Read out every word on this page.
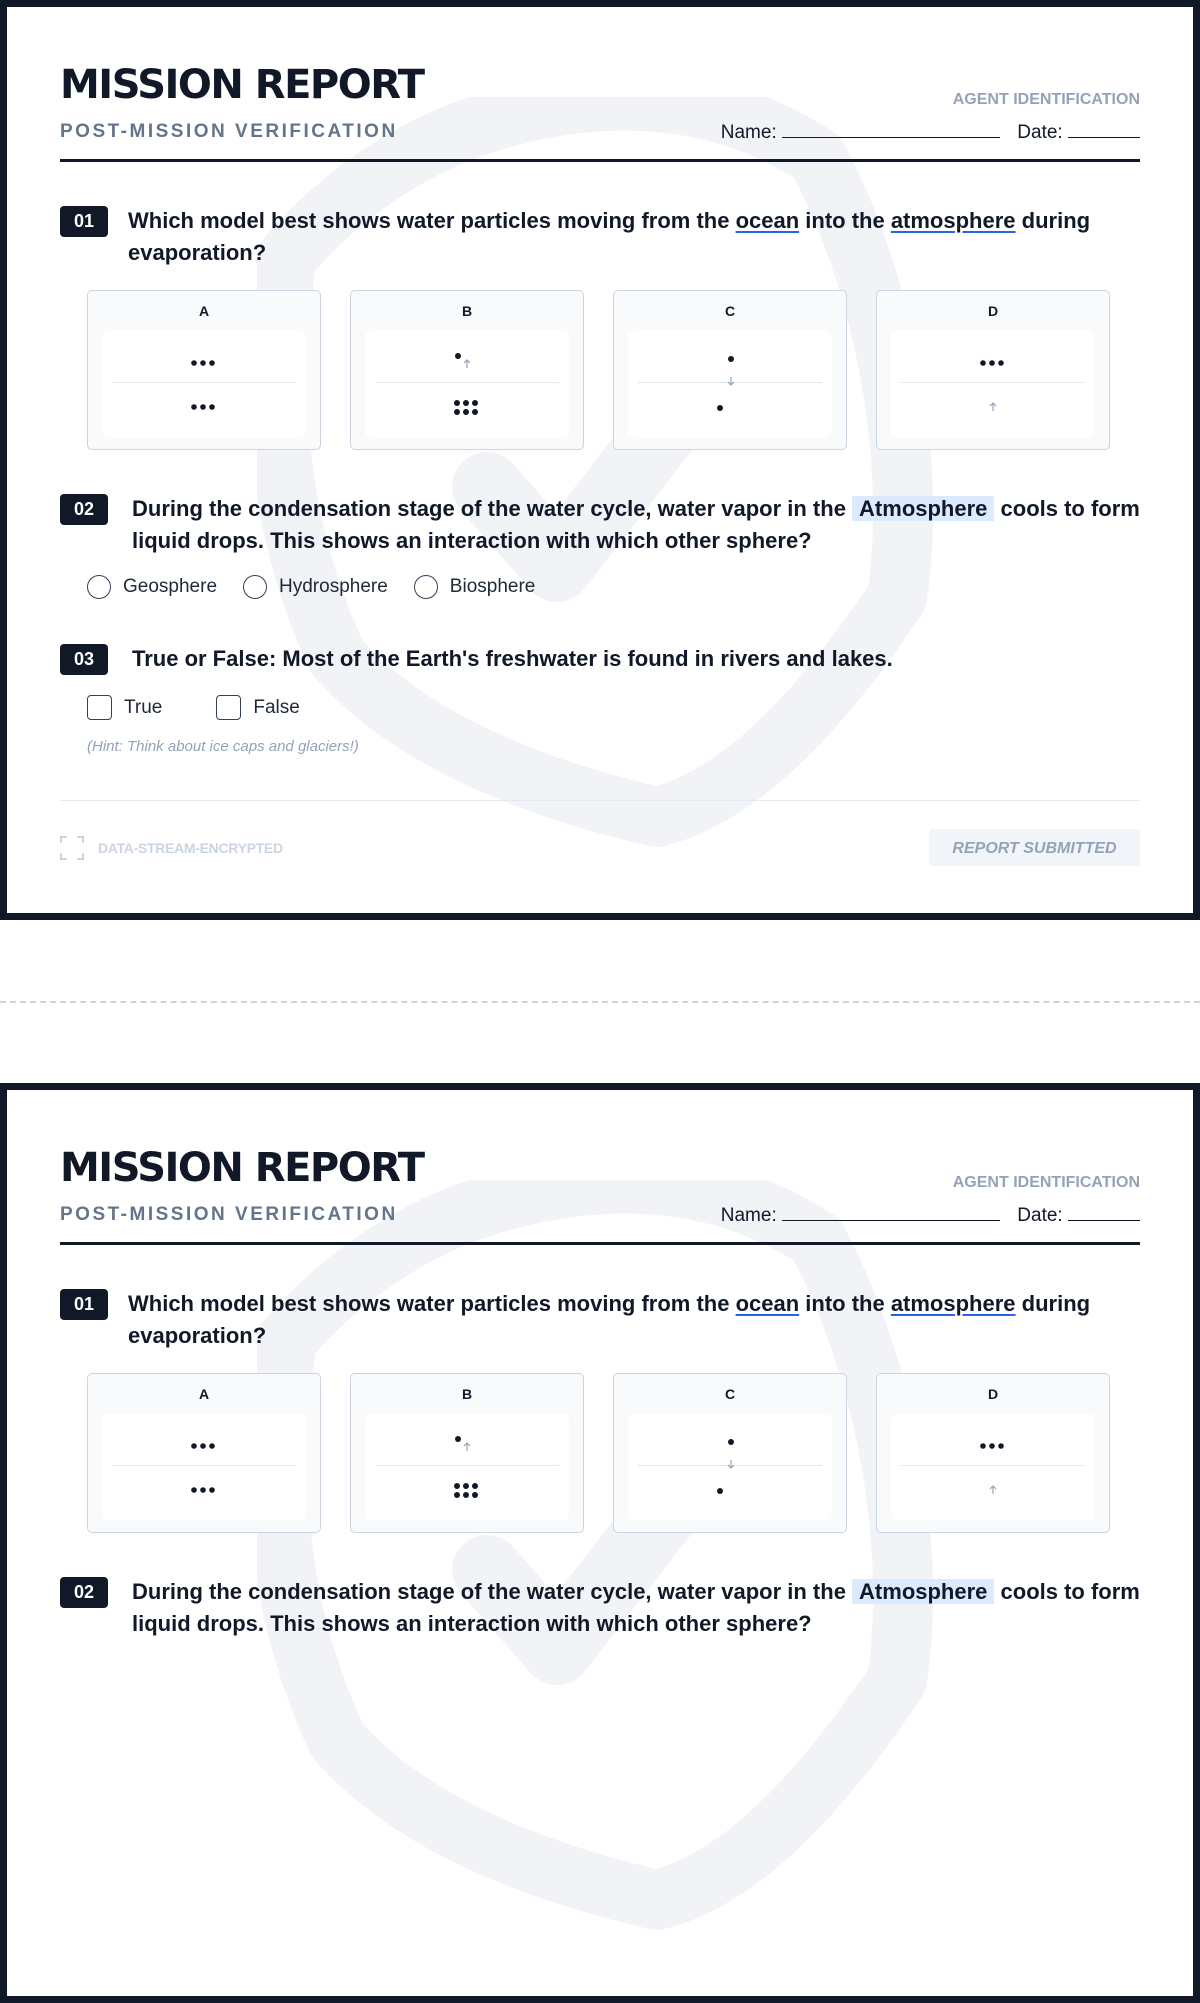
MISSION REPORT
POST-MISSION VERIFICATION
AGENT IDENTIFICATION
Name:	Date:
01	Which model best shows water particles moving from the ocean into the atmosphere during evaporation?
A	B	C	D
02	During the condensation stage of the water cycle, water vapor in the Atmosphere cools to form liquid drops. This shows an interaction with which other sphere?
Geosphere	Hydrosphere	Biosphere
03	True or False: Most of the Earth's freshwater is found in rivers and lakes.
True	False
(Hint: Think about ice caps and glaciers!)
DATA-STREAM-ENCRYPTED	REPORT SUBMITTED
MISSION REPORT
POST-MISSION VERIFICATION
AGENT IDENTIFICATION
Name:	Date:
01	Which model best shows water particles moving from the ocean into the atmosphere during evaporation?
A	B	C	D
02	During the condensation stage of the water cycle, water vapor in the Atmosphere cools to form liquid drops. This shows an interaction with which other sphere?
